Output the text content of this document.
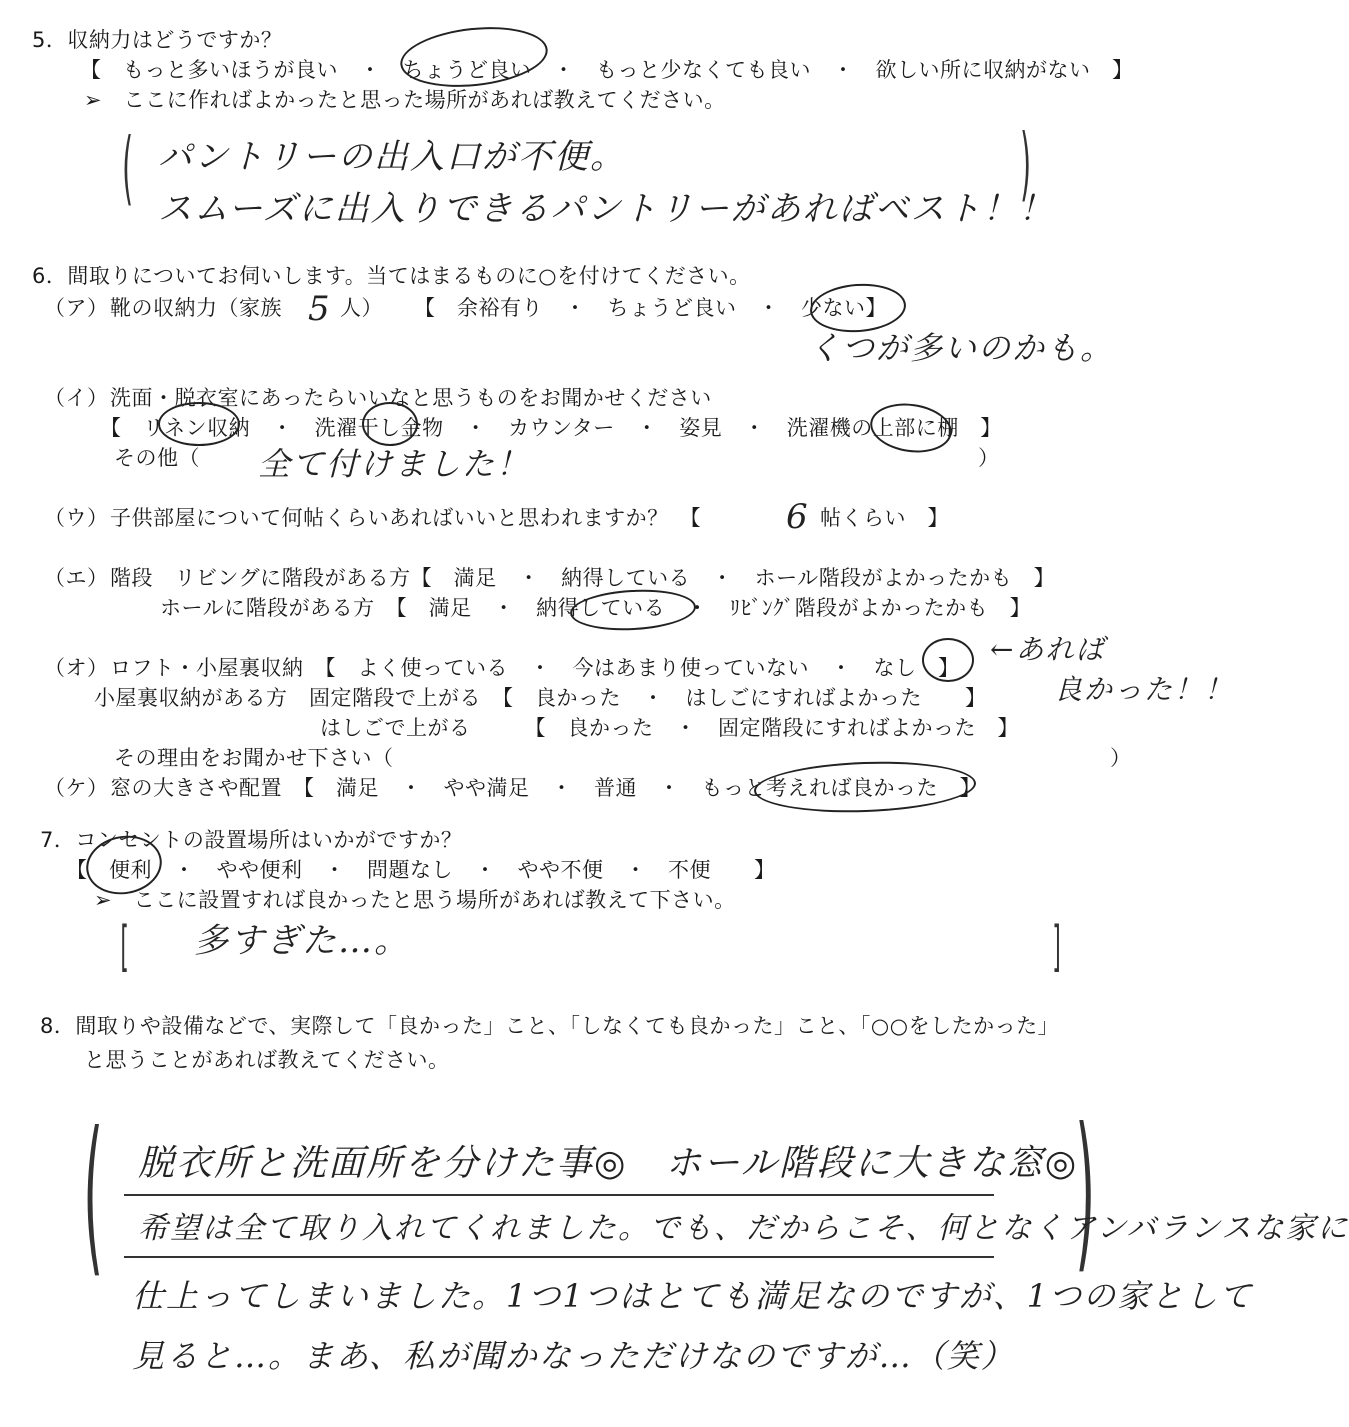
5．収納力はどうですか？
【　もっと多いほうが良い　・　ちょうど良い　・　もっと少なくても良い　・　欲しい所に収納がない　】
➢　ここに作ればよかったと思った場所があれば教えてください。
(	)
パントリーの出入口が不便。
スムーズに出入りできるパントリーがあればベスト！！
6．間取りについてお伺いします。当てはまるものに○を付けてください。
（ア） 靴の収納力（家族 5 人） 【　余裕有り　・　ちょうど良い　・　少ない】
くつが多いのかも。
（イ） 洗面・脱衣室にあったらいいなと思うものをお聞かせください
【　リネン収納　・　洗濯干し金物　・　カウンター　・　姿見　・　洗濯機の上部に棚　】
その他（ 全て付けました！	）
（ウ） 子供部屋について何帖くらいあればいいと思われますか？　【 6 帖くらい　】
（エ） 階段　リビングに階段がある方【　満足　・　納得している　・　ホール階段がよかったかも　】
ホールに階段がある方　【　満足　・　納得している　・　ﾘﾋﾞﾝｸﾞ階段がよかったかも　】
（オ） ロフト・小屋裏収納　【　よく使っている　・　今はあまり使っていない　・　なし　】
←あれば
良かった！！
小屋裏収納がある方　固定階段で上がる　【　良かった　・　はしごにすればよかった　　】
はしごで上がる　　　【　良かった　・　固定階段にすればよかった　】
その理由をお聞かせ下さい（	）
（ケ） 窓の大きさや配置　【　満足　・　やや満足　・　普通　・　もっと考えれば良かった　】
7．コンセントの設置場所はいかがですか？
【　便利　・　やや便利　・　問題なし　・　やや不便　・　不便　　】
➢　ここに設置すれば良かったと思う場所があれば教えて下さい。
[	]
多すぎた…。
8．間取りや設備などで、実際して「良かった」こと、「しなくても良かった」こと、「○○をしたかった」
と思うことがあれば教えてください。
(	)
脱衣所と洗面所を分けた事◎　ホール階段に大きな窓◎
希望は全て取り入れてくれました。でも、だからこそ、何となくアンバランスな家に
仕上ってしまいました。1つ1つはとても満足なのですが、1つの家として
見ると…。まあ、私が聞かなっただけなのですが…（笑）
